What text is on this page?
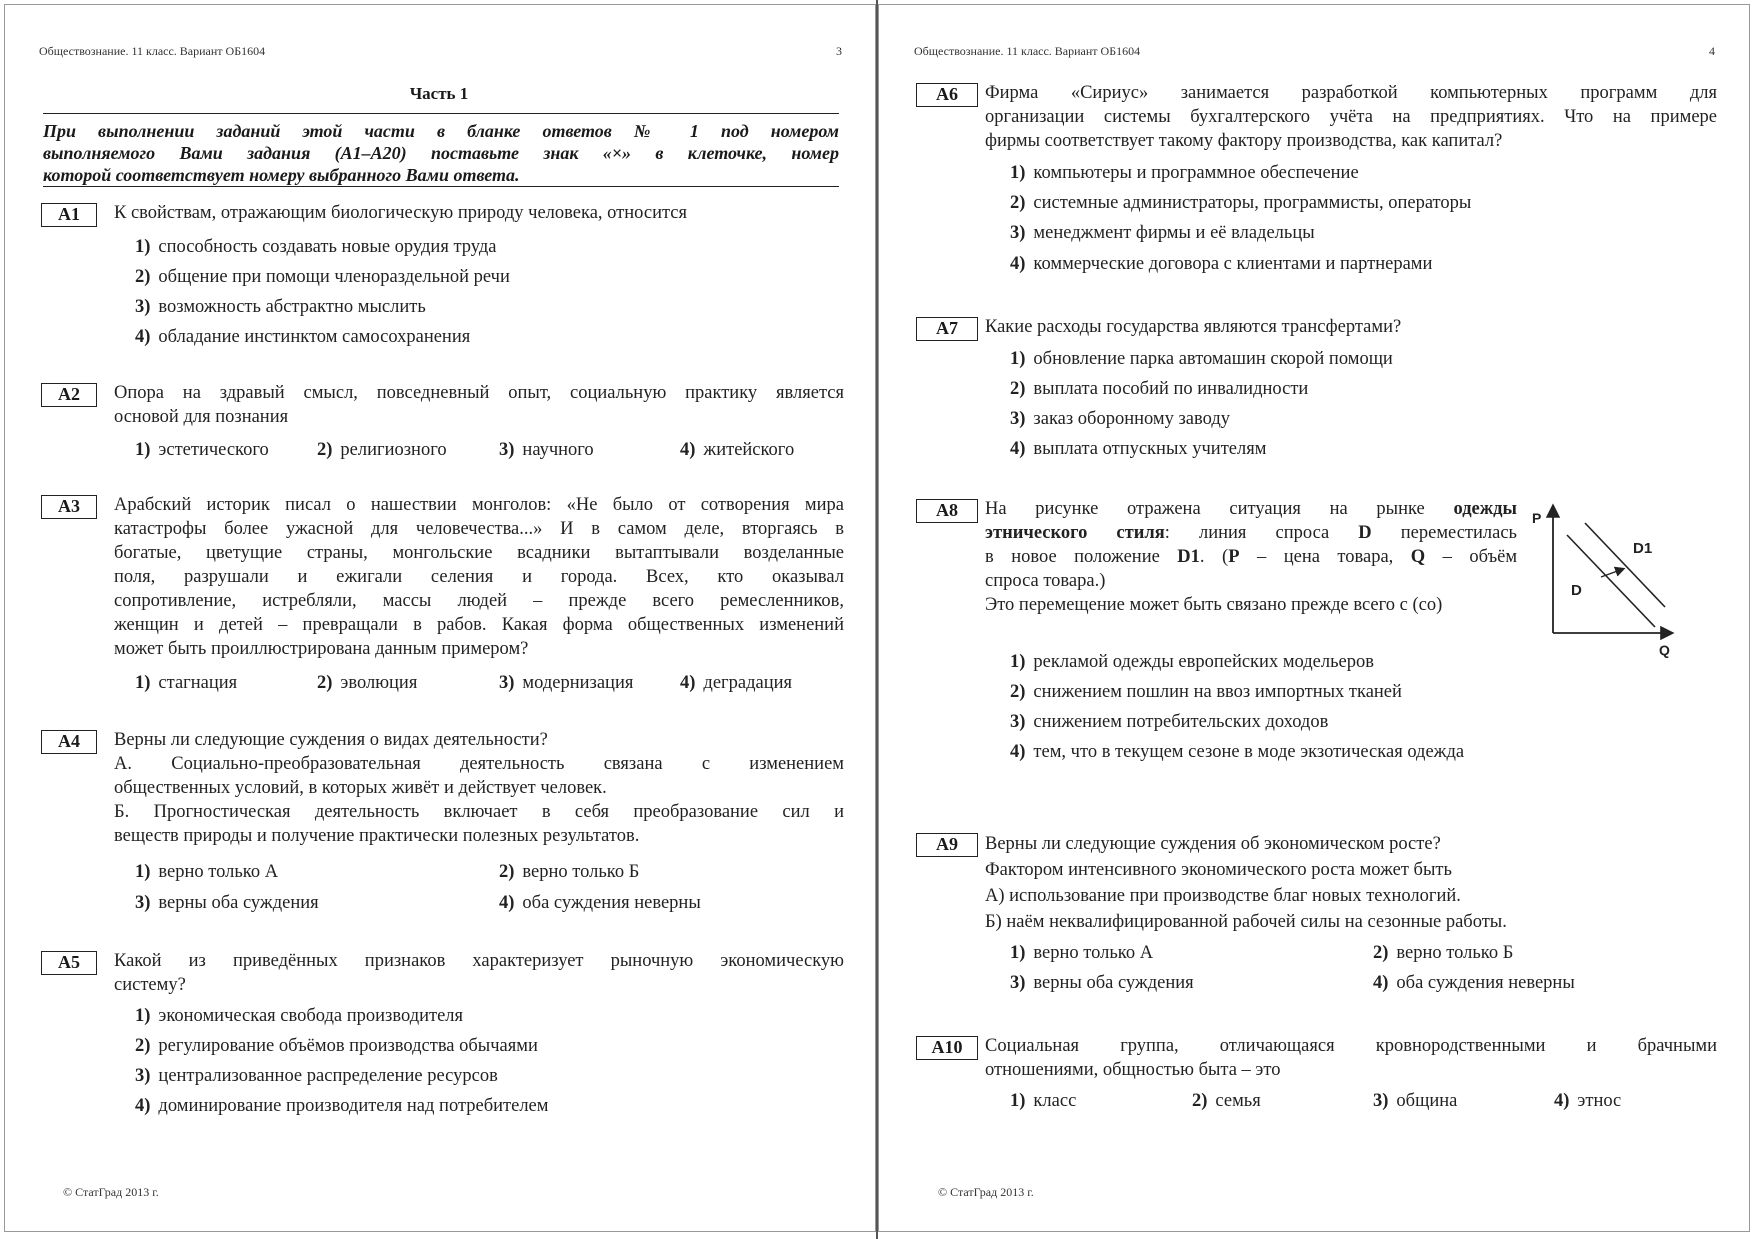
Обществознание. 11 класс. Вариант ОБ1604	3
Часть 1
При выполнении заданий этой части в бланке ответов № 1 под номером
выполняемого Вами задания (А1–А20) поставьте знак «×» в клеточке, номер
которой соответствует номеру выбранного Вами ответа.
А1	К свойствам, отражающим биологическую природу человека, относится
1) способность создавать новые орудия труда
2) общение при помощи членораздельной речи
3) возможность абстрактно мыслить
4) обладание инстинктом самосохранения
А2	Опора на здравый смысл, повседневный опыт, социальную практику является
основой для познания
1) эстетического	2) религиозного	3) научного	4) житейского
А3	Арабский историк писал о нашествии монголов: «Не было от сотворения мира
катастрофы более ужасной для человечества...» И в самом деле, вторгаясь в
богатые, цветущие страны, монгольские всадники вытаптывали возделанные
поля, разрушали и ежигали селения и города. Всех, кто оказывал
сопротивление, истребляли, массы людей – прежде всего ремесленников,
женщин и детей – превращали в рабов. Какая форма общественных изменений
может быть проиллюстрирована данным примером?
1) стагнация	2) эволюция	3) модернизация	4) деградация
А4	Верны ли следующие суждения о видах деятельности?
А. Социально-преобразовательная деятельность связана с изменением
общественных условий, в которых живёт и действует человек.
Б. Прогностическая деятельность включает в себя преобразование сил и
веществ природы и получение практически полезных результатов.
1) верно только А	2) верно только Б
3) верны оба суждения	4) оба суждения неверны
А5	Какой из приведённых признаков характеризует рыночную экономическую
систему?
1) экономическая свобода производителя
2) регулирование объёмов производства обычаями
3) централизованное распределение ресурсов
4) доминирование производителя над потребителем
© СтатГрад 2013 г.
Обществознание. 11 класс. Вариант ОБ1604	4
А6	Фирма «Сириус» занимается разработкой компьютерных программ для
организации системы бухгалтерского учёта на предприятиях. Что на примере
фирмы соответствует такому фактору производства, как капитал?
1) компьютеры и программное обеспечение
2) системные администраторы, программисты, операторы
3) менеджмент фирмы и её владельцы
4) коммерческие договора с клиентами и партнерами
А7	Какие расходы государства являются трансфертами?
1) обновление парка автомашин скорой помощи
2) выплата пособий по инвалидности
3) заказ оборонному заводу
4) выплата отпускных учителям
А8	На рисунке отражена ситуация на рынке одежды
этнического стиля: линия спроса D переместилась
в новое положение D1. (P – цена товара, Q – объём
спроса товара.)
Это перемещение может быть связано прежде всего с (со)
P
Q
D
D1
1) рекламой одежды европейских модельеров
2) снижением пошлин на ввоз импортных тканей
3) снижением потребительских доходов
4) тем, что в текущем сезоне в моде экзотическая одежда
А9	Верны ли следующие суждения об экономическом росте?
Фактором интенсивного экономического роста может быть
А) использование при производстве благ новых технологий.
Б) наём неквалифицированной рабочей силы на сезонные работы.
1) верно только А	2) верно только Б
3) верны оба суждения	4) оба суждения неверны
А10	Социальная группа, отличающаяся кровнородственными и брачными
отношениями, общностью быта – это
1) класс	2) семья	3) община	4) этнос
© СтатГрад 2013 г.
